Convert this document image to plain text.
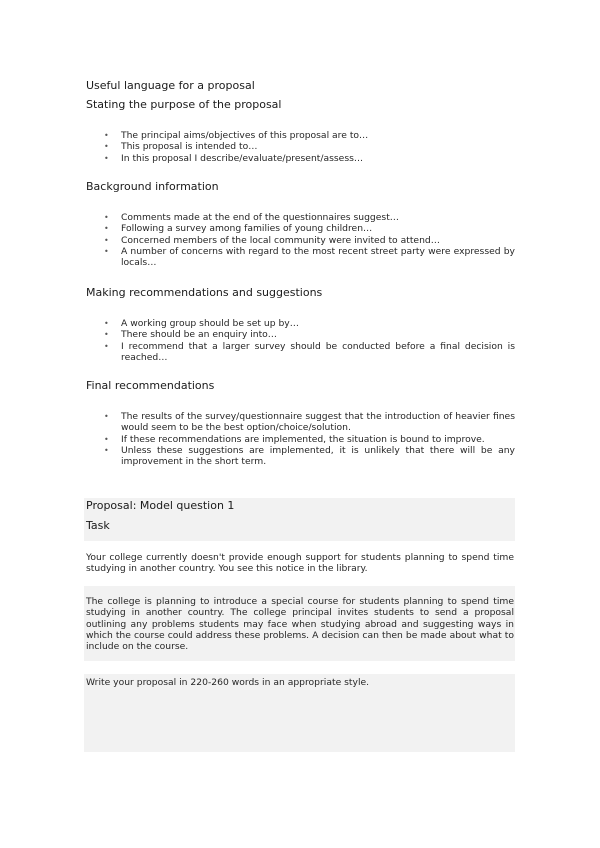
Useful language for a proposal
Stating the purpose of the proposal
• The principal aims/objectives of this proposal are to…
• This proposal is intended to…
• In this proposal I describe/evaluate/present/assess…
Background information
• Comments made at the end of the questionnaires suggest…
• Following a survey among families of young children…
• Concerned members of the local community were invited to attend…
• A number of concerns with regard to the most recent street party were expressed by locals…
Making recommendations and suggestions
• A working group should be set up by…
• There should be an enquiry into…
• I recommend that a larger survey should be conducted before a final decision is reached…
Final recommendations
• The results of the survey/questionnaire suggest that the introduction of heavier fines would seem to be the best option/choice/solution.
• If these recommendations are implemented, the situation is bound to improve.
• Unless these suggestions are implemented, it is unlikely that there will be any improvement in the short term.
Proposal: Model question 1
Task

Your college currently doesn't provide enough support for students planning to spend time studying in another country. You see this notice in the library.

The college is planning to introduce a special course for students planning to spend time studying in another country. The college principal invites students to send a proposal outlining any problems students may face when studying abroad and suggesting ways in which the course could address these problems. A decision can then be made about what to include on the course.

Write your proposal in 220-260 words in an appropriate style.
